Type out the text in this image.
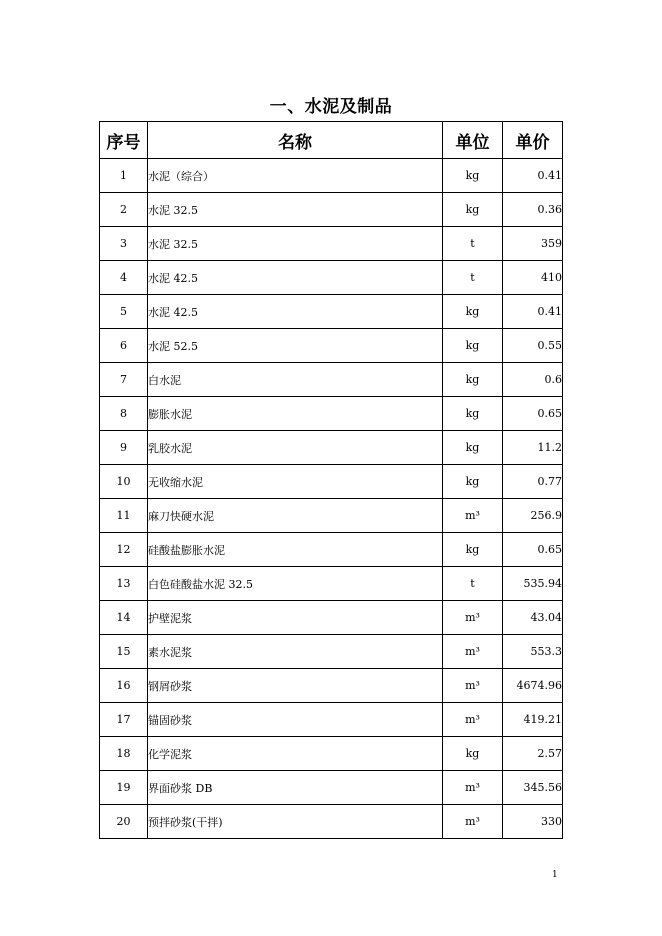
一、水泥及制品
序号	名称	单位	单价
1	水泥（综合）	kg	0.41
2	水泥 32.5	kg	0.36
3	水泥 32.5	t	359
4	水泥 42.5	t	410
5	水泥 42.5	kg	0.41
6	水泥 52.5	kg	0.55
7	白水泥	kg	0.6
8	膨胀水泥	kg	0.65
9	乳胶水泥	kg	11.2
10	无收缩水泥	kg	0.77
11	麻刀快硬水泥	m³	256.9
12	硅酸盐膨胀水泥	kg	0.65
13	白色硅酸盐水泥 32.5	t	535.94
14	护壁泥浆	m³	43.04
15	素水泥浆	m³	553.3
16	钢屑砂浆	m³	4674.96
17	锚固砂浆	m³	419.21
18	化学泥浆	kg	2.57
19	界面砂浆 DB	m³	345.56
20	预拌砂浆(干拌)	m³	330
1
